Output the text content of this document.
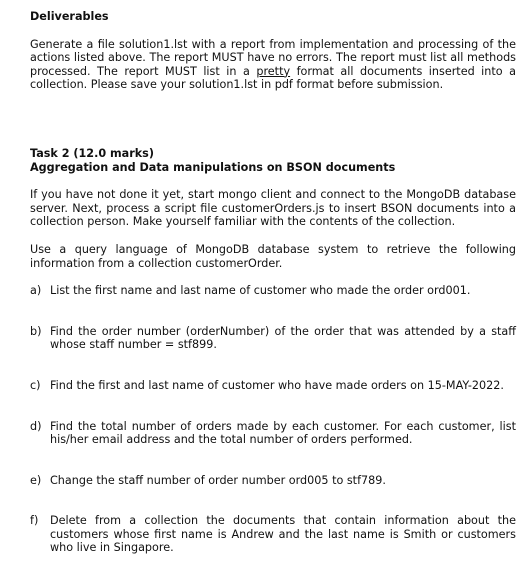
Deliverables

Generate a file solution1.lst with a report from implementation and processing of the actions listed above. The report MUST have no errors. The report must list all methods processed. The report MUST list in a pretty format all documents inserted into a collection. Please save your solution1.lst in pdf format before submission.

Task 2 (12.0 marks)

Aggregation and Data manipulations on BSON documents

If you have not done it yet, start mongo client and connect to the MongoDB database server. Next, process a script file customerOrders.js to insert BSON documents into a collection person. Make yourself familiar with the contents of the collection.

Use a query language of MongoDB database system to retrieve the following information from a collection customerOrder.

a) List the first name and last name of customer who made the order ord001.
b) Find the order number (orderNumber) of the order that was attended by a staff whose staff number = stf899.
c) Find the first and last name of customer who have made orders on 15-MAY-2022.
d) Find the total number of orders made by each customer. For each customer, list his/her email address and the total number of orders performed.
e) Change the staff number of order number ord005 to stf789.
f)	Delete from a collection the documents that contain information about the customers whose first name is Andrew and the last name is Smith or customers who live in Singapore.
